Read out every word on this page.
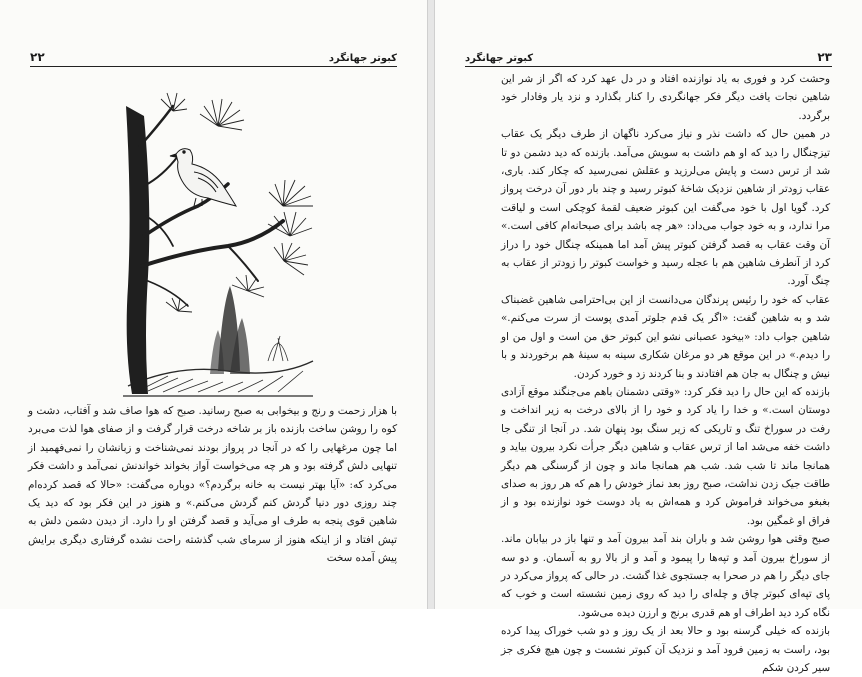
۲۲	کبوتر جهانگرد

با هزار زحمت و رنج و بیخوابی به صبح رسانید. صبح که هوا صاف شد و آفتاب، دشت و کوه را روشن ساخت بازنده باز بر شاخه درخت قرار گرفت و از صفای هوا لذت می‌برد اما چون مرغهایی را که در آنجا در پرواز بودند نمی‌شناخت و زبانشان را نمی‌فهمید از تنهایی دلش گرفته بود و هر چه می‌خواست آواز بخواند خواندنش نمی‌آمد و داشت فکر می‌کرد که: «آیا بهتر نیست به خانه برگردم؟» دوباره می‌گفت: «حالا که قصد کرده‌ام چند روزی دور دنیا گردش کنم گردش می‌کنم.» و هنوز در این فکر بود که دید یک شاهین قوی پنجه به طرف او می‌آید و قصد گرفتن او را دارد. از دیدن دشمن دلش به تپش افتاد و از اینکه هنوز از سرمای شب گذشته راحت نشده گرفتاری دیگری برایش پیش آمده سخت

کبوتر جهانگرد	۲۳

وحشت کرد و فوری به یاد نوازنده افتاد و در دل عهد کرد که اگر از شر این شاهین نجات یافت دیگر فکر جهانگردی را کنار بگذارد و نزد یار وفادار خود برگردد.

در همین حال که داشت نذر و نیاز می‌کرد ناگهان از طرف دیگر یک عقاب تیزچنگال را دید که او هم داشت به سویش می‌آمد. بازنده که دید دشمن دو تا شد از ترس دست و پایش می‌لرزید و عقلش نمی‌رسید که چکار کند. باری، عقاب زودتر از شاهین نزدیک شاخهٔ کبوتر رسید و چند بار دور آن درخت پرواز کرد. گویا اول با خود می‌گفت این کبوتر ضعیف لقمهٔ کوچکی است و لیاقت مرا ندارد، و به خود جواب می‌داد: «هر چه باشد برای صبحانه‌ام کافی است.» آن وقت عقاب به قصد گرفتن کبوتر پیش آمد اما همینکه چنگال خود را دراز کرد از آنطرف شاهین هم با عجله رسید و خواست کبوتر را زودتر از عقاب به چنگ آورد.

عقاب که خود را رئیس پرندگان می‌دانست از این بی‌احترامی شاهین غضبناک شد و به شاهین گفت: «اگر یک قدم جلوتر آمدی پوست از سرت می‌کنم.» شاهین جواب داد: «بیخود عصبانی نشو این کبوتر حق من است و اول من او را دیدم.» در این موقع هر دو مرغان شکاری سینه به سینهٔ هم برخوردند و با نیش و چنگال به جان هم افتادند و بنا کردند زد و خورد کردن.

بازنده که این حال را دید فکر کرد: «وقتی دشمنان باهم می‌جنگند موقع آزادی دوستان است.» و خدا را یاد کرد و خود را از بالای درخت به زیر انداخت و رفت در سوراخ تنگ و تاریکی که زیر سنگ بود پنهان شد. در آنجا از تنگی جا داشت خفه می‌شد اما از ترس عقاب و شاهین دیگر جرأت نکرد بیرون بیاید و همانجا ماند تا شب شد. شب هم همانجا ماند و چون از گرسنگی هم دیگر طاقت جیک زدن نداشت، صبح روز بعد نماز خودش را هم که هر روز به صدای بغبغو می‌خواند فراموش کرد و همه‌اش به یاد دوست خود نوازنده بود و از فراق او غمگین بود.

صبح وقتی هوا روشن شد و باران بند آمد بیرون آمد و تنها باز در بیابان ماند. از سوراخ بیرون آمد و تپه‌ها را پیمود و آمد و از بالا رو به آسمان. و دو سه جای دیگر را هم در صحرا به جستجوی غذا گشت. در حالی که پرواز می‌کرد در پای تپه‌ای کبوتر چاق و چله‌ای را دید که روی زمین نشسته است و خوب که نگاه کرد دید اطراف او هم قدری برنج و ارزن دیده می‌شود.

بازنده که خیلی گرسنه بود و حالا بعد از یک روز و دو شب خوراک پیدا کرده بود، راست به زمین فرود آمد و نزدیک آن کبوتر نشست و چون هیچ فکری جز سیر کردن شکم
